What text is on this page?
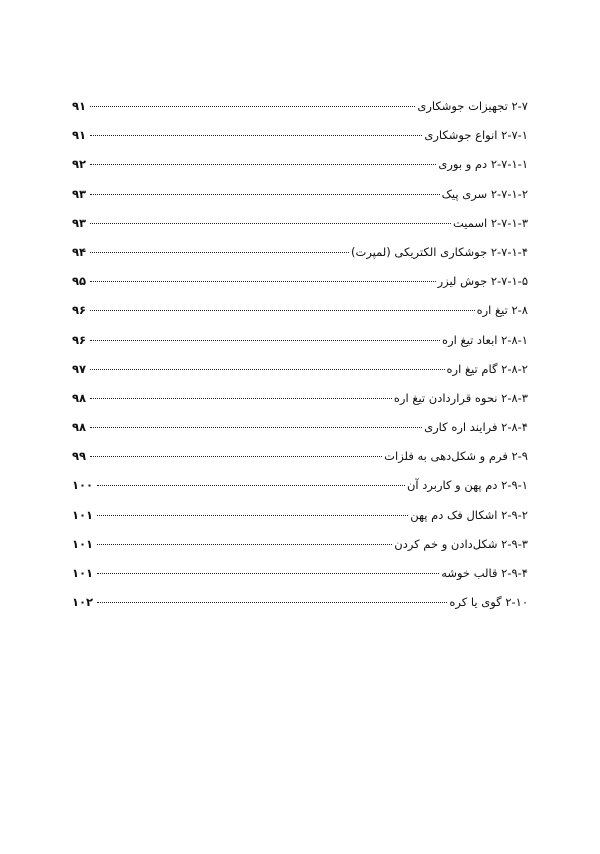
۲-۷ تجهیزات جوشکاری
۹۱
۲-۷-۱ انواع جوشکاری
۹۱
۲-۷-۱-۱ دم و بوری
۹۲
۲-۷-۱-۲ سری پیک
۹۳
۲-۷-۱-۳ اسمیت
۹۳
۲-۷-۱-۴ جوشکاری الکتریکی (لمپرت)
۹۴
۲-۷-۱-۵ جوش لیزر
۹۵
۲-۸ تیغ اره
۹۶
۲-۸-۱ ابعاد تیغ اره
۹۶
۲-۸-۲ گام تیغ اره
۹۷
۲-۸-۳ نحوه قراردادن تیغ اره
۹۸
۲-۸-۴ فرایند اره کاری
۹۸
۲-۹ فرم و شکل‌دهی به فلزات
۹۹
۲-۹-۱ دم پهن و کاربرد آن
۱۰۰
۲-۹-۲ اشکال فک دم پهن
۱۰۱
۲-۹-۳ شکل‌دادن و خم کردن
۱۰۱
۲-۹-۴ قالب خوشه
۱۰۱
۲-۱۰ گوی یا کره
۱۰۲
